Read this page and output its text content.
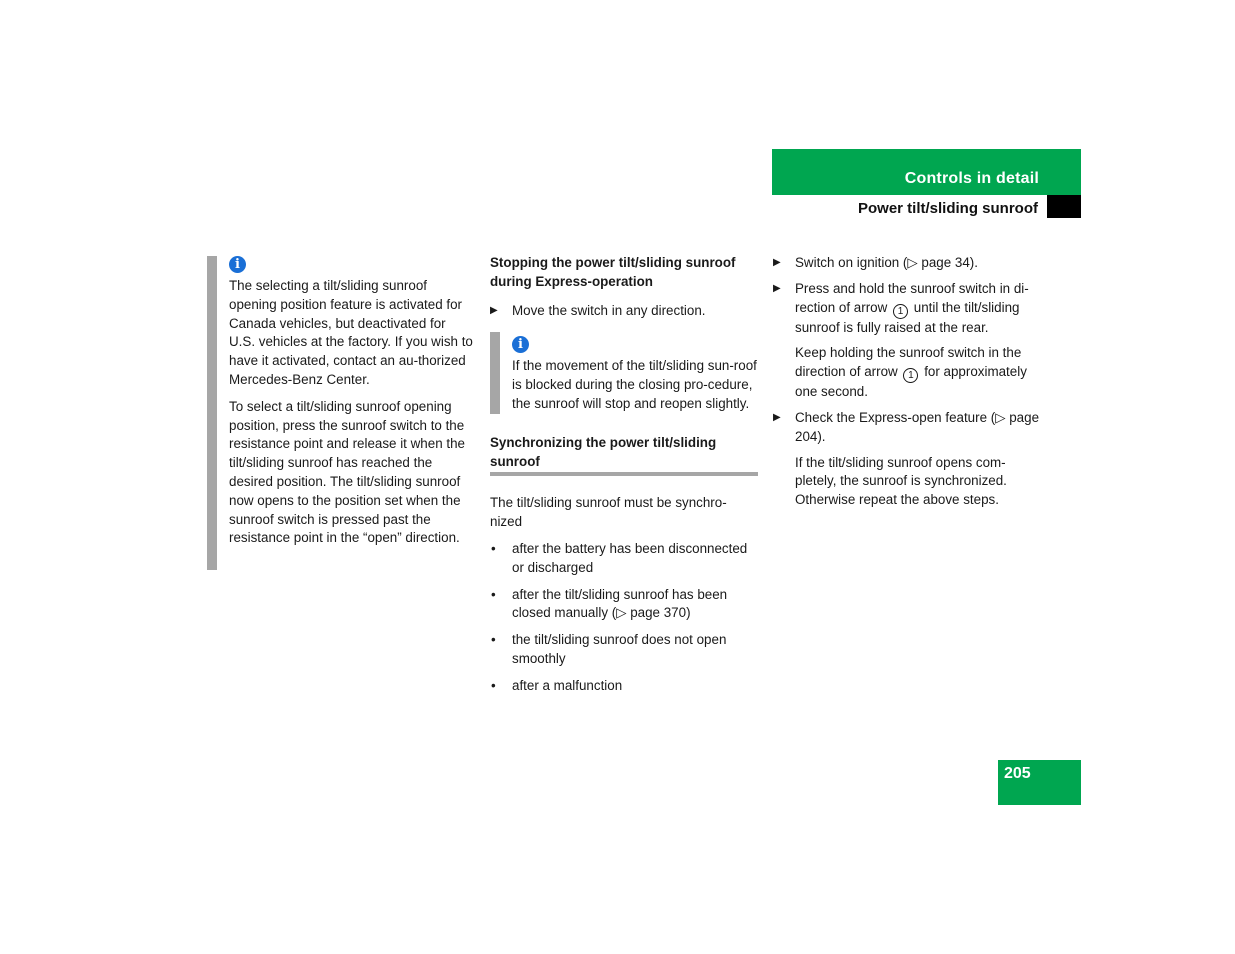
Controls in detail
Power tilt/sliding sunroof
i

The selecting a tilt/sliding sunroof opening position feature is activated for Canada vehicles, but deactivated for U.S. vehicles at the factory. If you wish to have it activated, contact an au-thorized Mercedes-Benz Center.

To select a tilt/sliding sunroof opening position, press the sunroof switch to the resistance point and release it when the tilt/sliding sunroof has reached the desired position. The tilt/sliding sunroof now opens to the position set when the sunroof switch is pressed past the resistance point in the “open” direction.

Stopping the power tilt/sliding sunroof during Express-operation
▶ Move the switch in any direction.
i

If the movement of the tilt/sliding sun-roof is blocked during the closing pro-cedure, the sunroof will stop and reopen slightly.

Synchronizing the power tilt/sliding sunroof

The tilt/sliding sunroof must be synchro-nized

• after the battery has been disconnected or discharged
• after the tilt/sliding sunroof has been closed manually (▷ page 370)
• the tilt/sliding sunroof does not open smoothly
• after a malfunction
▶ Switch on ignition (▷ page 34).
▶ Press and hold the sunroof switch in di-rection of arrow 1 until the tilt/sliding sunroof is fully raised at the rear.
Keep holding the sunroof switch in the direction of arrow 1 for approximately one second.
▶ Check the Express-open feature (▷ page 204).
If the tilt/sliding sunroof opens com-pletely, the sunroof is synchronized. Otherwise repeat the above steps.
205
